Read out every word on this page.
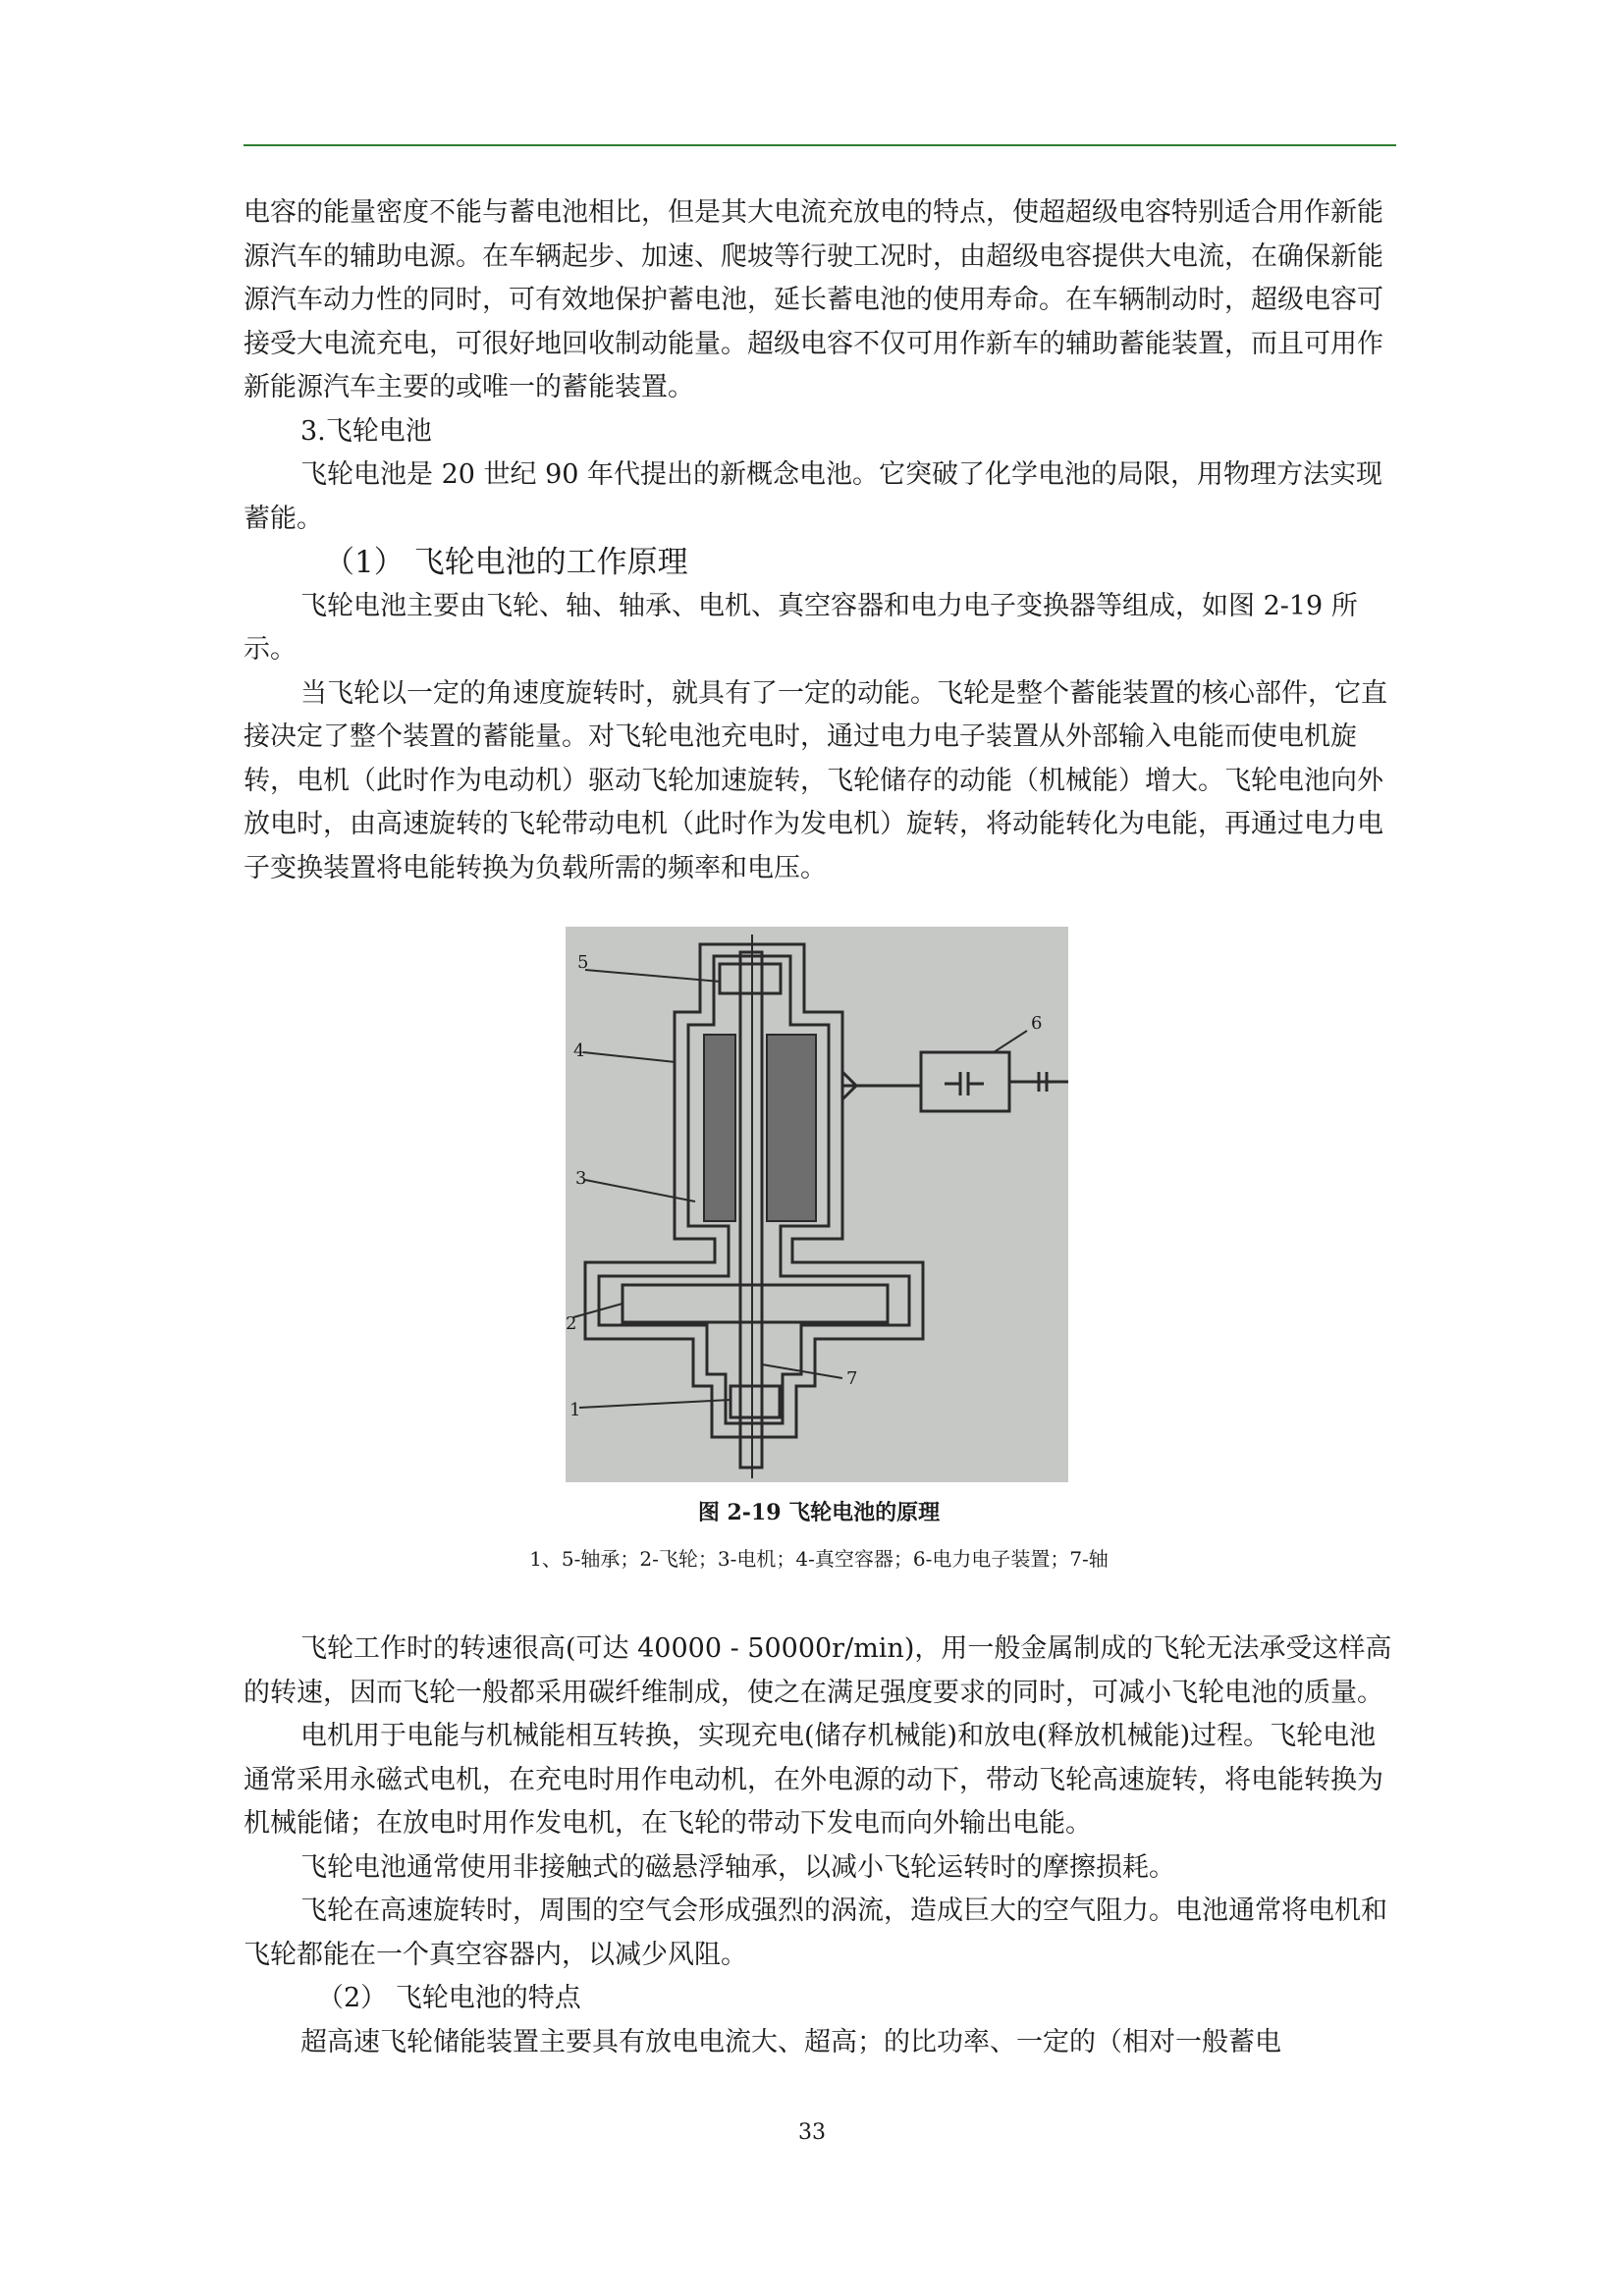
电容的能量密度不能与蓄电池相比，但是其大电流充放电的特点，使超超级电容特别适合用作新能源汽车的辅助电源。在车辆起步、加速、爬坡等行驶工况时，由超级电容提供大电流，在确保新能源汽车动力性的同时，可有效地保护蓄电池，延长蓄电池的使用寿命。在车辆制动时，超级电容可接受大电流充电，可很好地回收制动能量。超级电容不仅可用作新车的辅助蓄能装置，而且可用作新能源汽车主要的或唯一的蓄能装置。

3.飞轮电池

飞轮电池是 20 世纪 90 年代提出的新概念电池。它突破了化学电池的局限，用物理方法实现蓄能。

（1） 飞轮电池的工作原理

飞轮电池主要由飞轮、轴、轴承、电机、真空容器和电力电子变换器等组成，如图 2-19 所示。

当飞轮以一定的角速度旋转时，就具有了一定的动能。飞轮是整个蓄能装置的核心部件，它直接决定了整个装置的蓄能量。对飞轮电池充电时，通过电力电子装置从外部输入电能而使电机旋转，电机（此时作为电动机）驱动飞轮加速旋转，飞轮储存的动能（机械能）增大。飞轮电池向外放电时，由高速旋转的飞轮带动电机（此时作为发电机）旋转，将动能转化为电能，再通过电力电子变换装置将电能转换为负载所需的频率和电压。

5
6
4
3
2
7
1

图 2-19 飞轮电池的原理

1、5-轴承；2-飞轮；3-电机；4-真空容器；6-电力电子装置；7-轴

飞轮工作时的转速很高(可达 40000 - 50000r/min)，用一般金属制成的飞轮无法承受这样高的转速，因而飞轮一般都采用碳纤维制成，使之在满足强度要求的同时，可减小飞轮电池的质量。

电机用于电能与机械能相互转换，实现充电(储存机械能)和放电(释放机械能)过程。飞轮电池通常采用永磁式电机，在充电时用作电动机，在外电源的动下，带动飞轮高速旋转，将电能转换为机械能储；在放电时用作发电机，在飞轮的带动下发电而向外输出电能。

飞轮电池通常使用非接触式的磁悬浮轴承，以减小飞轮运转时的摩擦损耗。

飞轮在高速旋转时，周围的空气会形成强烈的涡流，造成巨大的空气阻力。电池通常将电机和飞轮都能在一个真空容器内，以减少风阻。

（2） 飞轮电池的特点

超高速飞轮储能装置主要具有放电电流大、超高；的比功率、一定的（相对一般蓄电

33
